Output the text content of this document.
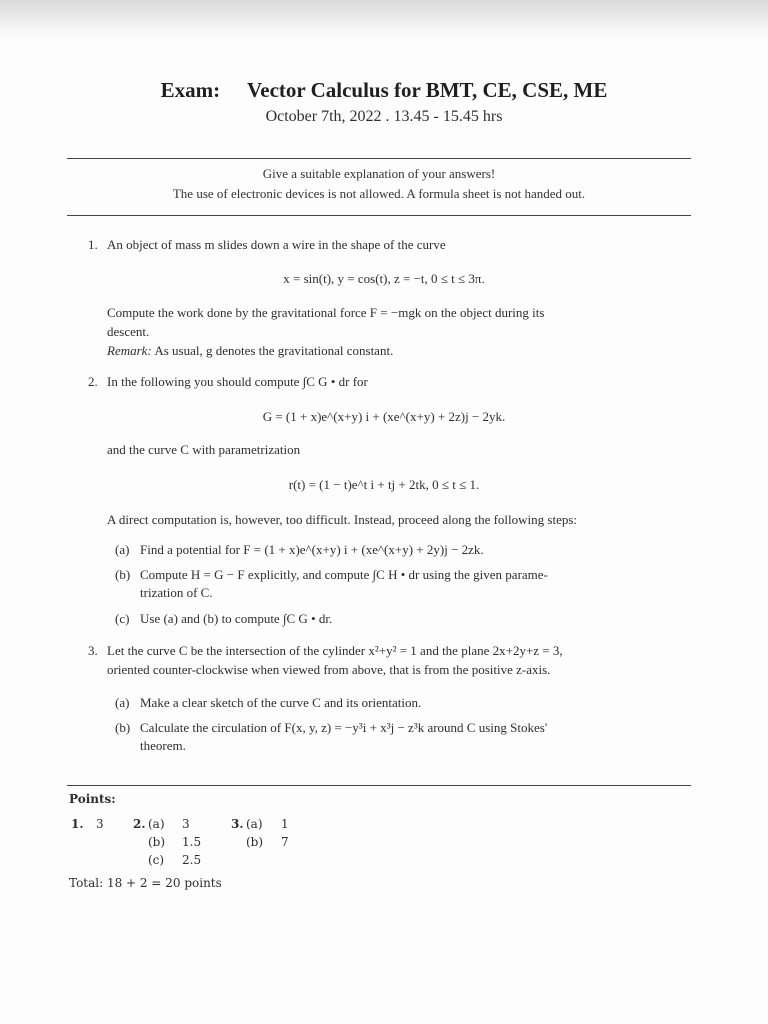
Exam: Vector Calculus for BMT, CE, CSE, ME
October 7th, 2022 . 13.45 - 15.45 hrs
Give a suitable explanation of your answers!
The use of electronic devices is not allowed. A formula sheet is not handed out.
1. An object of mass m slides down a wire in the shape of the curve
x = sin(t), y = cos(t), z = −t, 0 ≤ t ≤ 3π.
Compute the work done by the gravitational force F = −mgk on the object during its
descent.
Remark: As usual, g denotes the gravitational constant.
2. In the following you should compute ∫C G • dr for
G = (1 + x)e^(x+y) i + (xe^(x+y) + 2z)j − 2yk.
and the curve C with parametrization
r(t) = (1 − t)e^t i + tj + 2tk, 0 ≤ t ≤ 1.
A direct computation is, however, too difficult. Instead, proceed along the following steps:
(a) Find a potential for F = (1 + x)e^(x+y) i + (xe^(x+y) + 2y)j − 2zk.
(b) Compute H = G − F explicitly, and compute ∫C H • dr using the given parame-
trization of C.
(c) Use (a) and (b) to compute ∫C G • dr.
3. Let the curve C be the intersection of the cylinder x²+y² = 1 and the plane 2x+2y+z = 3,
oriented counter-clockwise when viewed from above, that is from the positive z-axis.
(a) Make a clear sketch of the curve C and its orientation.
(b) Calculate the circulation of F(x, y, z) = −y³i + x³j − z³k around C using Stokes'
theorem.
Points:
1. 3 2. (a) 3
(b) 1.5
(c) 2.5
3. (a) 1
(b) 7
Total: 18 + 2 = 20 points
